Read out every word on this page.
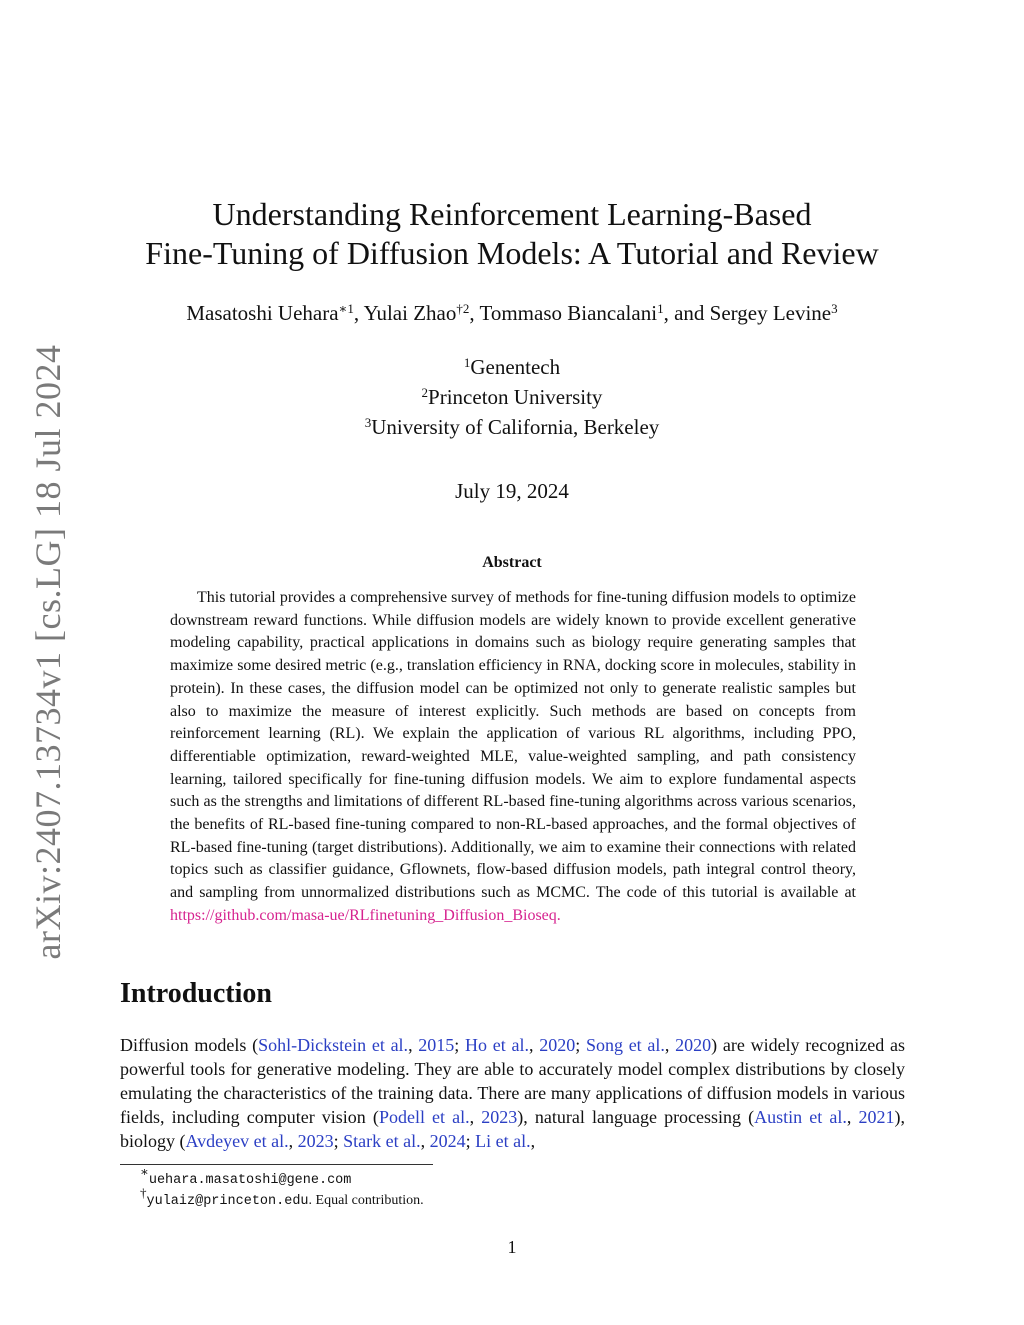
arXiv:2407.13734v1 [cs.LG] 18 Jul 2024
Understanding Reinforcement Learning-Based
Fine-Tuning of Diffusion Models: A Tutorial and Review
Masatoshi Uehara$^{∗1}$, Yulai Zhao$^{\dagger 2}$, Tommaso Biancalani$^1$, and Sergey Levine$^3$
$^1$Genentech
$^2$Princeton University
$^3$University of California, Berkeley
July 19, 2024
Abstract
This tutorial provides a comprehensive survey of methods for fine-tuning diffusion models to optimize downstream reward functions. While diffusion models are widely known to provide excellent generative modeling capability, practical applications in domains such as biology require generating samples that maximize some desired metric (e.g., translation efficiency in RNA, docking score in molecules, stability in protein). In these cases, the diffusion model can be optimized not only to generate realistic samples but also to maximize the measure of interest explicitly. Such methods are based on concepts from reinforcement learning (RL). We explain the application of various RL algorithms, including PPO, differentiable optimization, reward-weighted MLE, value-weighted sampling, and path consistency learning, tailored specifically for fine-tuning diffusion models. We aim to explore fundamental aspects such as the strengths and limitations of different RL-based fine-tuning algorithms across various scenarios, the benefits of RL-based fine-tuning compared to non-RL-based approaches, and the formal objectives of RL-based fine-tuning (target distributions). Additionally, we aim to examine their connections with related topics such as classifier guidance, Gflownets, flow-based diffusion models, path integral control theory, and sampling from unnormalized distributions such as MCMC. The code of this tutorial is available at https://github.com/masa-ue/RLfinetuning_Diffusion_Bioseq.
Introduction
Diffusion models (Sohl-Dickstein et al., 2015; Ho et al., 2020; Song et al., 2020) are widely recognized as powerful tools for generative modeling. They are able to accurately model complex distributions by closely emulating the characteristics of the training data. There are many applications of diffusion models in various fields, including computer vision (Podell et al., 2023), natural language processing (Austin et al., 2021), biology (Avdeyev et al., 2023; Stark et al., 2024; Li et al.,
∗uehara.masatoshi@gene.com
†yulaiz@princeton.edu. Equal contribution.
1
